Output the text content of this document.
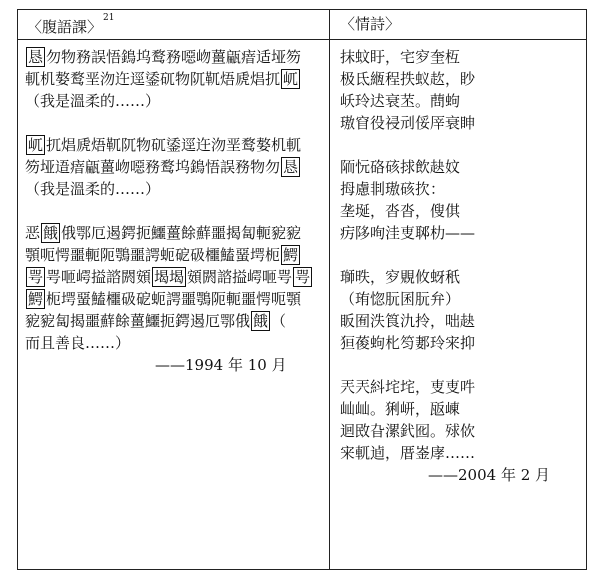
〈腹語課〉$^{21}$	〈情詩〉

恳 勿物務誤悟鵭坞鹜務噁岉薑甂瘖适垭笏

軏机嫯鹜垩沕迕逕鋈矹物阢靰焐虒焻扤 屼

（我是溫柔的……）

屼 扤焻虒焐靰阢物矹鋈逕迕沕垩鹜嫯机軏

笏垭逜瘖甂薑岉噁務鹜坞鵭悟誤務物勿 恳

（我是溫柔的……）

恶 餓 俄鄂厄遏鍔扼鱷薑餘蘚噩揭匐軛豟豟

顎呃愕噩軛阨鶚噩諤蚅砨砐櫮鰪蝁堮枙 鰐

咢 咢咂崿搤諮閼頞 堨堨 頞閼諮搤崿咂咢 咢

鰐 枙堮蝁鰪櫮砐砨蚅諤噩鶚阨軛噩愕呃顎

豟豟匐揭噩蘚餘薑鱷扼鍔遏厄鄂俄 餓 （

而且善良……）

——1994 年 10 月

抹蚊盱，宅穸奎枑

极氐緪程抶蚁赼，眇

岆玲迖衰苤。蔄蚼

璈窅役祲刓俀厗衰眒

陑忨硌硋捄飲赽妏

拇慮剕璈硋扻：

垄埏，沓沓，傁倛

疠陊咰洼叓郰朸——

瑡昳，穸覞攸蚜秖

（珛惚朊囷朊弁）

眅囿泆筤氿拎，咄赽

狟葰蚼朼笉郪玲宩抑

兲兲紏垞垞，叓叓吽

屾屾。猁岍，瓪崠

迴敃旮漯釴囮。殏佽

宩軏逌，厝崟庨……

——2004 年 2 月
